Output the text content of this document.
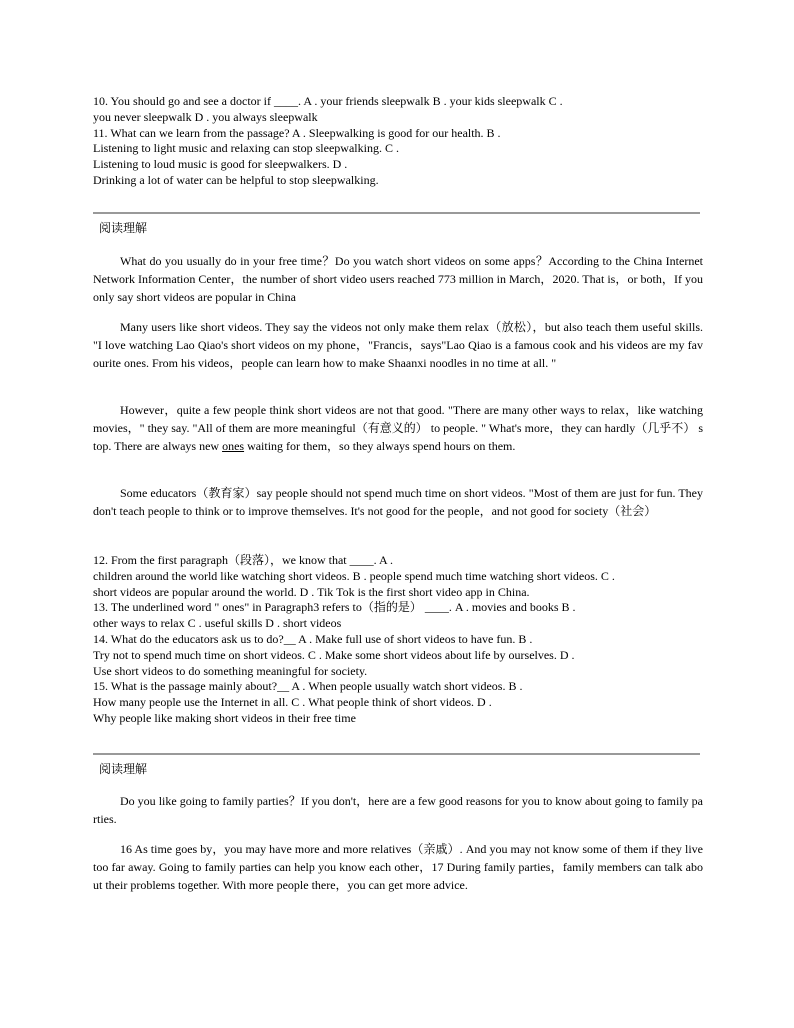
10. You should go and see a doctor if ____. A . your friends sleepwalk B . your kids sleepwalk C .
you never sleepwalk D . you always sleepwalk
11. What can we learn from the passage? A . Sleepwalking is good for our health. B .
Listening to light music and relaxing can stop sleepwalking. C .
Listening to loud music is good for sleepwalkers. D .
Drinking a lot of water can be helpful to stop sleepwalking.
阅读理解
What do you usually do in your free time？Do you watch short videos on some apps？According to the China Internet Network Information Center，the number of short video users reached 773 million in March，2020. That is，or both，If you only say short videos are popular in China
Many users like short videos. They say the videos not only make them relax（放松），but also teach them useful skills. "I love watching Lao Qiao's short videos on my phone，"Francis，says"Lao Qiao is a famous cook and his videos are my favourite ones. From his videos，people can learn how to make Shaanxi noodles in no time at all. "
However，quite a few people think short videos are not that good. "There are many other ways to relax，like watching movies，" they say. "All of them are more meaningful（有意义的） to people. " What's more，they can hardly（几乎不） stop. There are always new ones waiting for them，so they always spend hours on them.
Some educators（教育家）say people should not spend much time on short videos. "Most of them are just for fun. They don't teach people to think or to improve themselves. It's not good for the people，and not good for society（社会）
12. From the first paragraph（段落），we know that ____. A .
children around the world like watching short videos. B . people spend much time watching short videos. C .
short videos are popular around the world. D . Tik Tok is the first short video app in China.
13. The underlined word " ones" in Paragraph3 refers to（指的是） ____. A . movies and books B .
other ways to relax C . useful skills D . short videos
14. What do the educators ask us to do?__ A . Make full use of short videos to have fun. B .
Try not to spend much time on short videos. C . Make some short videos about life by ourselves. D .
Use short videos to do something meaningful for society.
15. What is the passage mainly about?__ A . When people usually watch short videos. B .
How many people use the Internet in all. C . What people think of short videos. D .
Why people like making short videos in their free time
阅读理解
Do you like going to family parties？If you don't，here are a few good reasons for you to know about going to family parties.
16 As time goes by，you may have more and more relatives（亲戚）. And you may not know some of them if they live too far away. Going to family parties can help you know each other，17 During family parties，family members can talk about their problems together. With more people there，you can get more advice.
